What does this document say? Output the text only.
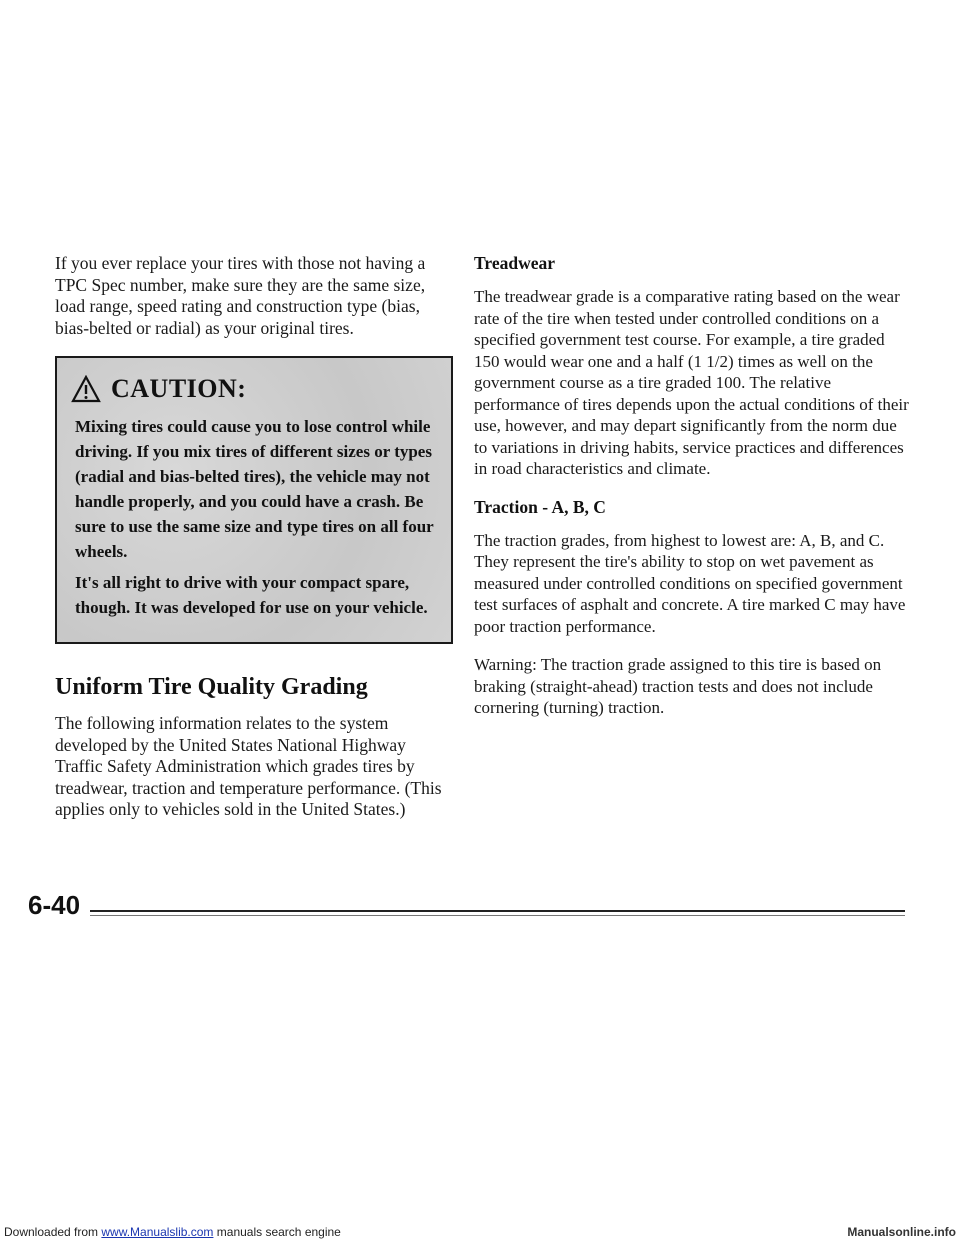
If you ever replace your tires with those not having a TPC Spec number, make sure they are the same size, load range, speed rating and construction type (bias, bias-belted or radial) as your original tires.

CAUTION:

Mixing tires could cause you to lose control while driving. If you mix tires of different sizes or types (radial and bias-belted tires), the vehicle may not handle properly, and you could have a crash. Be sure to use the same size and type tires on all four wheels.

It's all right to drive with your compact spare, though. It was developed for use on your vehicle.

Uniform Tire Quality Grading

The following information relates to the system developed by the United States National Highway Traffic Safety Administration which grades tires by treadwear, traction and temperature performance. (This applies only to vehicles sold in the United States.)

Treadwear

The treadwear grade is a comparative rating based on the wear rate of the tire when tested under controlled conditions on a specified government test course. For example, a tire graded 150 would wear one and a half (1 1/2) times as well on the government course as a tire graded 100. The relative performance of tires depends upon the actual conditions of their use, however, and may depart significantly from the norm due to variations in driving habits, service practices and differences in road characteristics and climate.

Traction - A, B, C

The traction grades, from highest to lowest are: A, B, and C. They represent the tire's ability to stop on wet pavement as measured under controlled conditions on specified government test surfaces of asphalt and concrete. A tire marked C may have poor traction performance.

Warning: The traction grade assigned to this tire is based on braking (straight-ahead) traction tests and does not include cornering (turning) traction.

6-40
Downloaded from www.Manualslib.com manuals search engine	Manualsonline.info
